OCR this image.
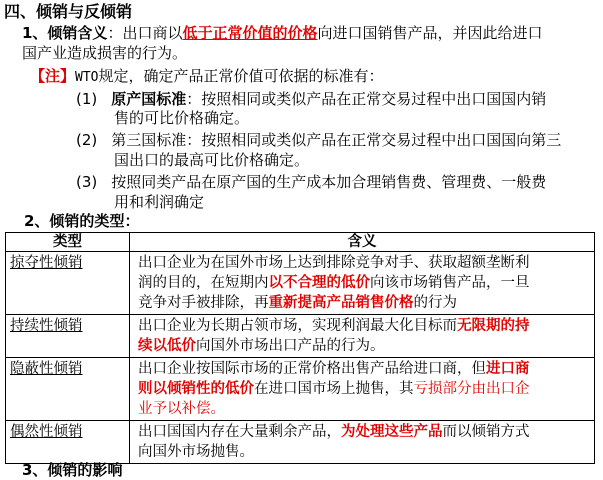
四、倾销与反倾销
1、倾销含义：出口商以低于正常价值的价格向进口国销售产品，并因此给进口
国产业造成损害的行为。
【注】WTO规定，确定产品正常价值可依据的标准有：
(1) 原产国标准：按照相同或类似产品在正常交易过程中出口国国内销
售的可比价格确定。
(2) 第三国标准：按照相同或类似产品在正常交易过程中出口国国向第三
国出口的最高可比价格确定。
(3) 按照同类产品在原产国的生产成本加合理销售费、管理费、一般费
用和利润确定
2、倾销的类型：
类型	含义
掠夺性倾销	出口企业为在国外市场上达到排除竞争对手、获取超额垄断利
润的目的，在短期内以不合理的低价向该市场销售产品，一旦
竞争对手被排除，再重新提高产品销售价格的行为
持续性倾销	出口企业为长期占领市场，实现利润最大化目标而无限期的持
续以低价向国外市场出口产品的行为。
隐蔽性倾销	出口企业按国际市场的正常价格出售产品给进口商，但进口商
则以倾销性的低价在进口国市场上抛售，其亏损部分由出口企
业予以补偿。
偶然性倾销	出口国国内存在大量剩余产品，为处理这些产品而以倾销方式
向国外市场抛售。
3、倾销的影响
